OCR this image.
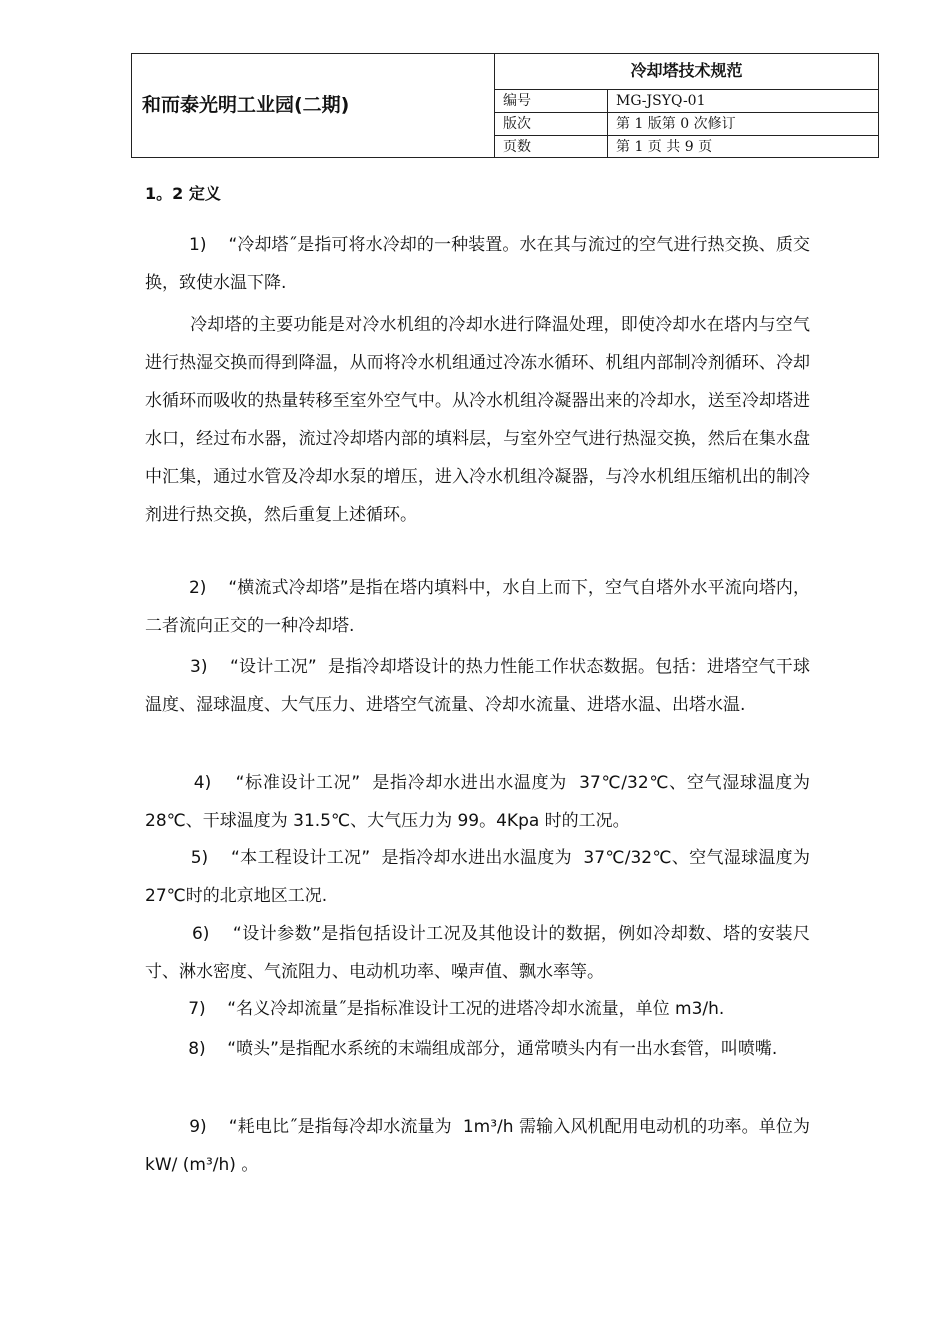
和而泰光明工业园(二期)
冷却塔技术规范
编号	MG-JSYQ-01
版次	第 1 版第 0 次修订
页数	第 1 页 共 9 页
1。2 定义

1)    “冷却塔˝是指可将水冷却的一种装置。水在其与流过的空气进行热交换、质交换，致使水温下降.

冷却塔的主要功能是对冷水机组的冷却水进行降温处理，即使冷却水在塔内与空气进行热湿交换而得到降温，从而将冷水机组通过冷冻水循环、机组内部制冷剂循环、冷却水循环而吸收的热量转移至室外空气中。从冷水机组冷凝器出来的冷却水，送至冷却塔进水口，经过布水器，流过冷却塔内部的填料层，与室外空气进行热湿交换，然后在集水盘中汇集，通过水管及冷却水泵的增压，进入冷水机组冷凝器，与冷水机组压缩机出的制冷剂进行热交换，然后重复上述循环。

2)    “横流式冷却塔”是指在塔内填料中，水自上而下，空气自塔外水平流向塔内，二者流向正交的一种冷却塔.

3)    “设计工况”  是指冷却塔设计的热力性能工作状态数据。包括：进塔空气干球温度、湿球温度、大气压力、进塔空气流量、冷却水流量、进塔水温、出塔水温.

4)    “标准设计工况”  是指冷却水进出水温度为  37℃/32℃、空气湿球温度为 28℃、干球温度为 31.5℃、大气压力为 99。4Kpa 时的工况。

5)    “本工程设计工况”  是指冷却水进出水温度为  37℃/32℃、空气湿球温度为 27℃时的北京地区工况.

6)    “设计参数”是指包括设计工况及其他设计的数据，例如冷却数、塔的安装尺寸、淋水密度、气流阻力、电动机功率、噪声值、飘水率等。

7)    “名义冷却流量˝是指标准设计工况的进塔冷却水流量，单位 m3/h.

8)    “喷头”是指配水系统的末端组成部分，通常喷头内有一出水套管，叫喷嘴.

9)    “耗电比˝是指每冷却水流量为  1m³/h 需输入风机配用电动机的功率。单位为 kW/ (m³/h) 。
